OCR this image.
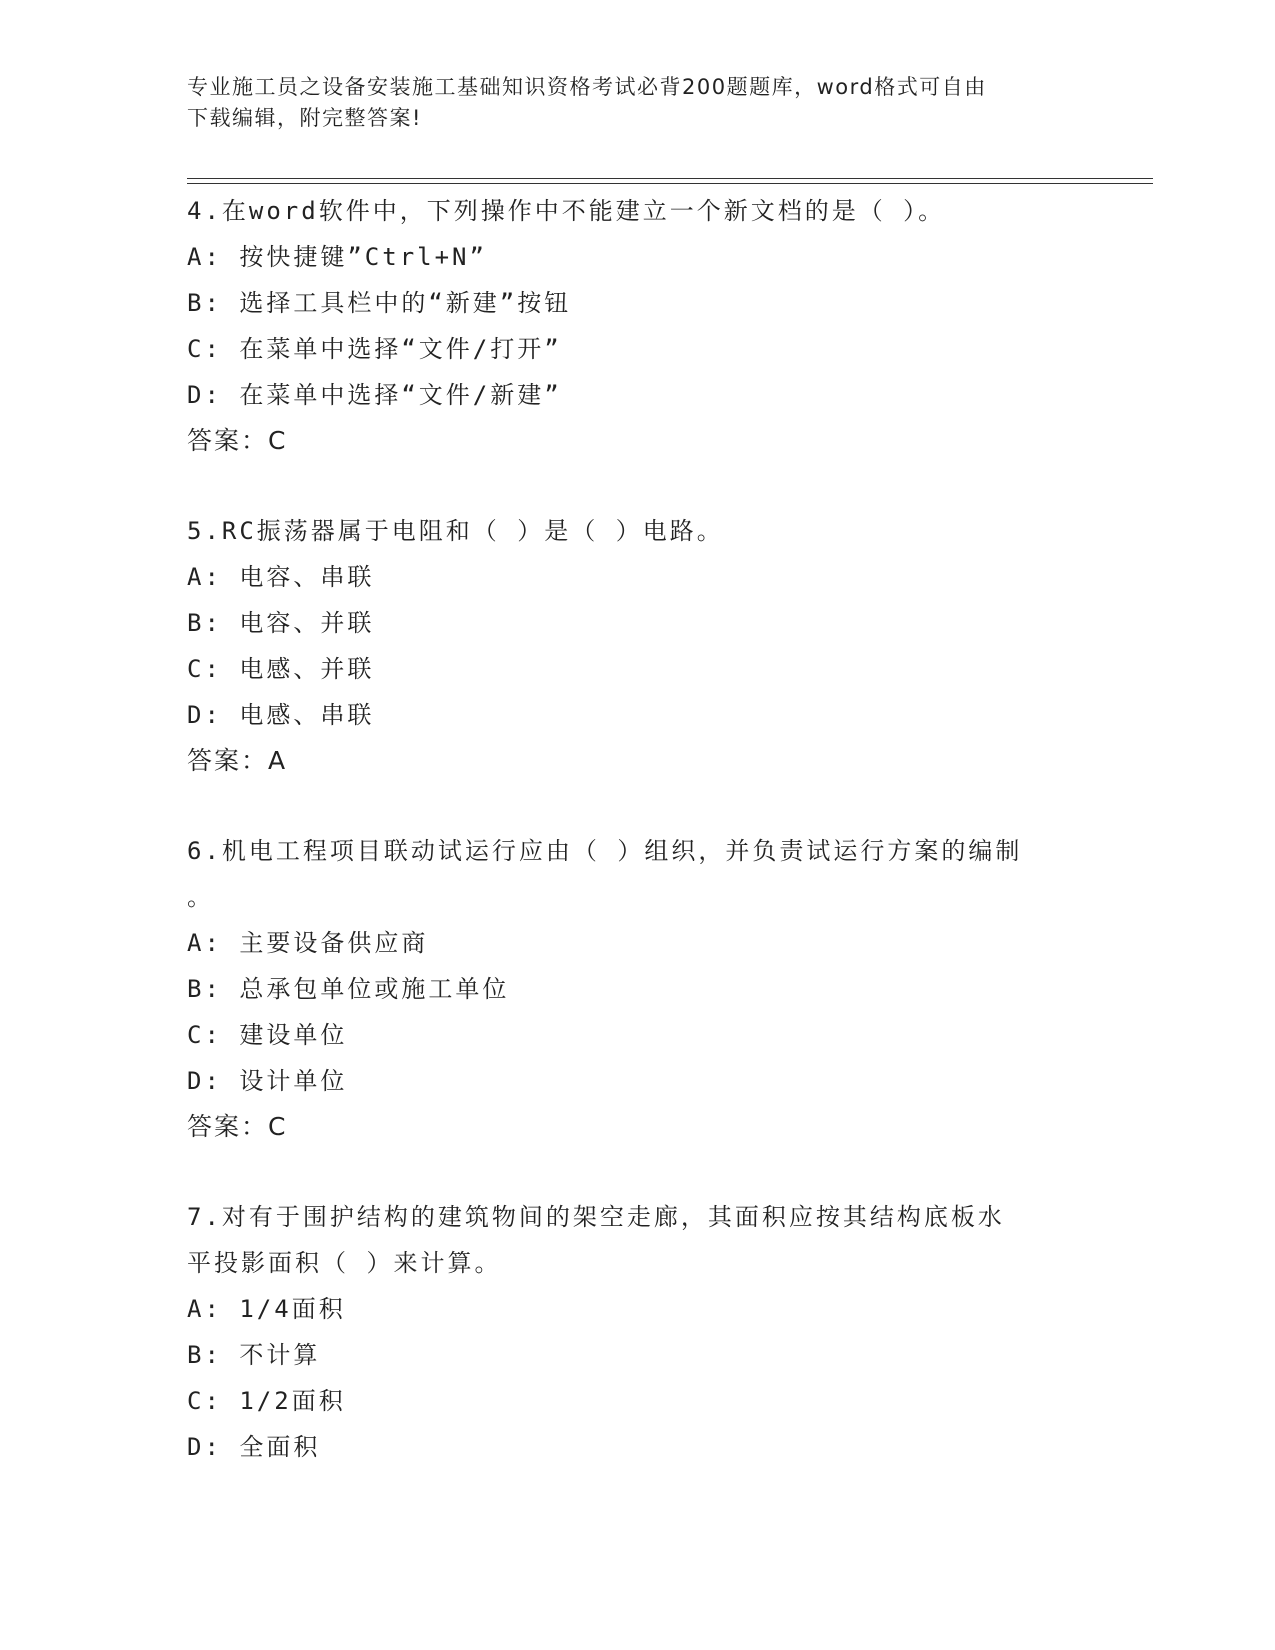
专业施工员之设备安装施工基础知识资格考试必背200题题库，word格式可自由
下载编辑，附完整答案!
4.在word软件中，下列操作中不能建立一个新文档的是（ ）。
A: 按快捷键”Ctrl+N”
B: 选择工具栏中的“新建”按钮
C: 在菜单中选择“文件/打开”
D: 在菜单中选择“文件/新建”
答案：C
5.RC振荡器属于电阻和（ ）是（ ）电路。
A: 电容、串联
B: 电容、并联
C: 电感、并联
D: 电感、串联
答案：A
6.机电工程项目联动试运行应由（ ）组织，并负责试运行方案的编制
。
A: 主要设备供应商
B: 总承包单位或施工单位
C: 建设单位
D: 设计单位
答案：C
7.对有于围护结构的建筑物间的架空走廊，其面积应按其结构底板水
平投影面积（ ）来计算。
A: 1/4面积
B: 不计算
C: 1/2面积
D: 全面积
